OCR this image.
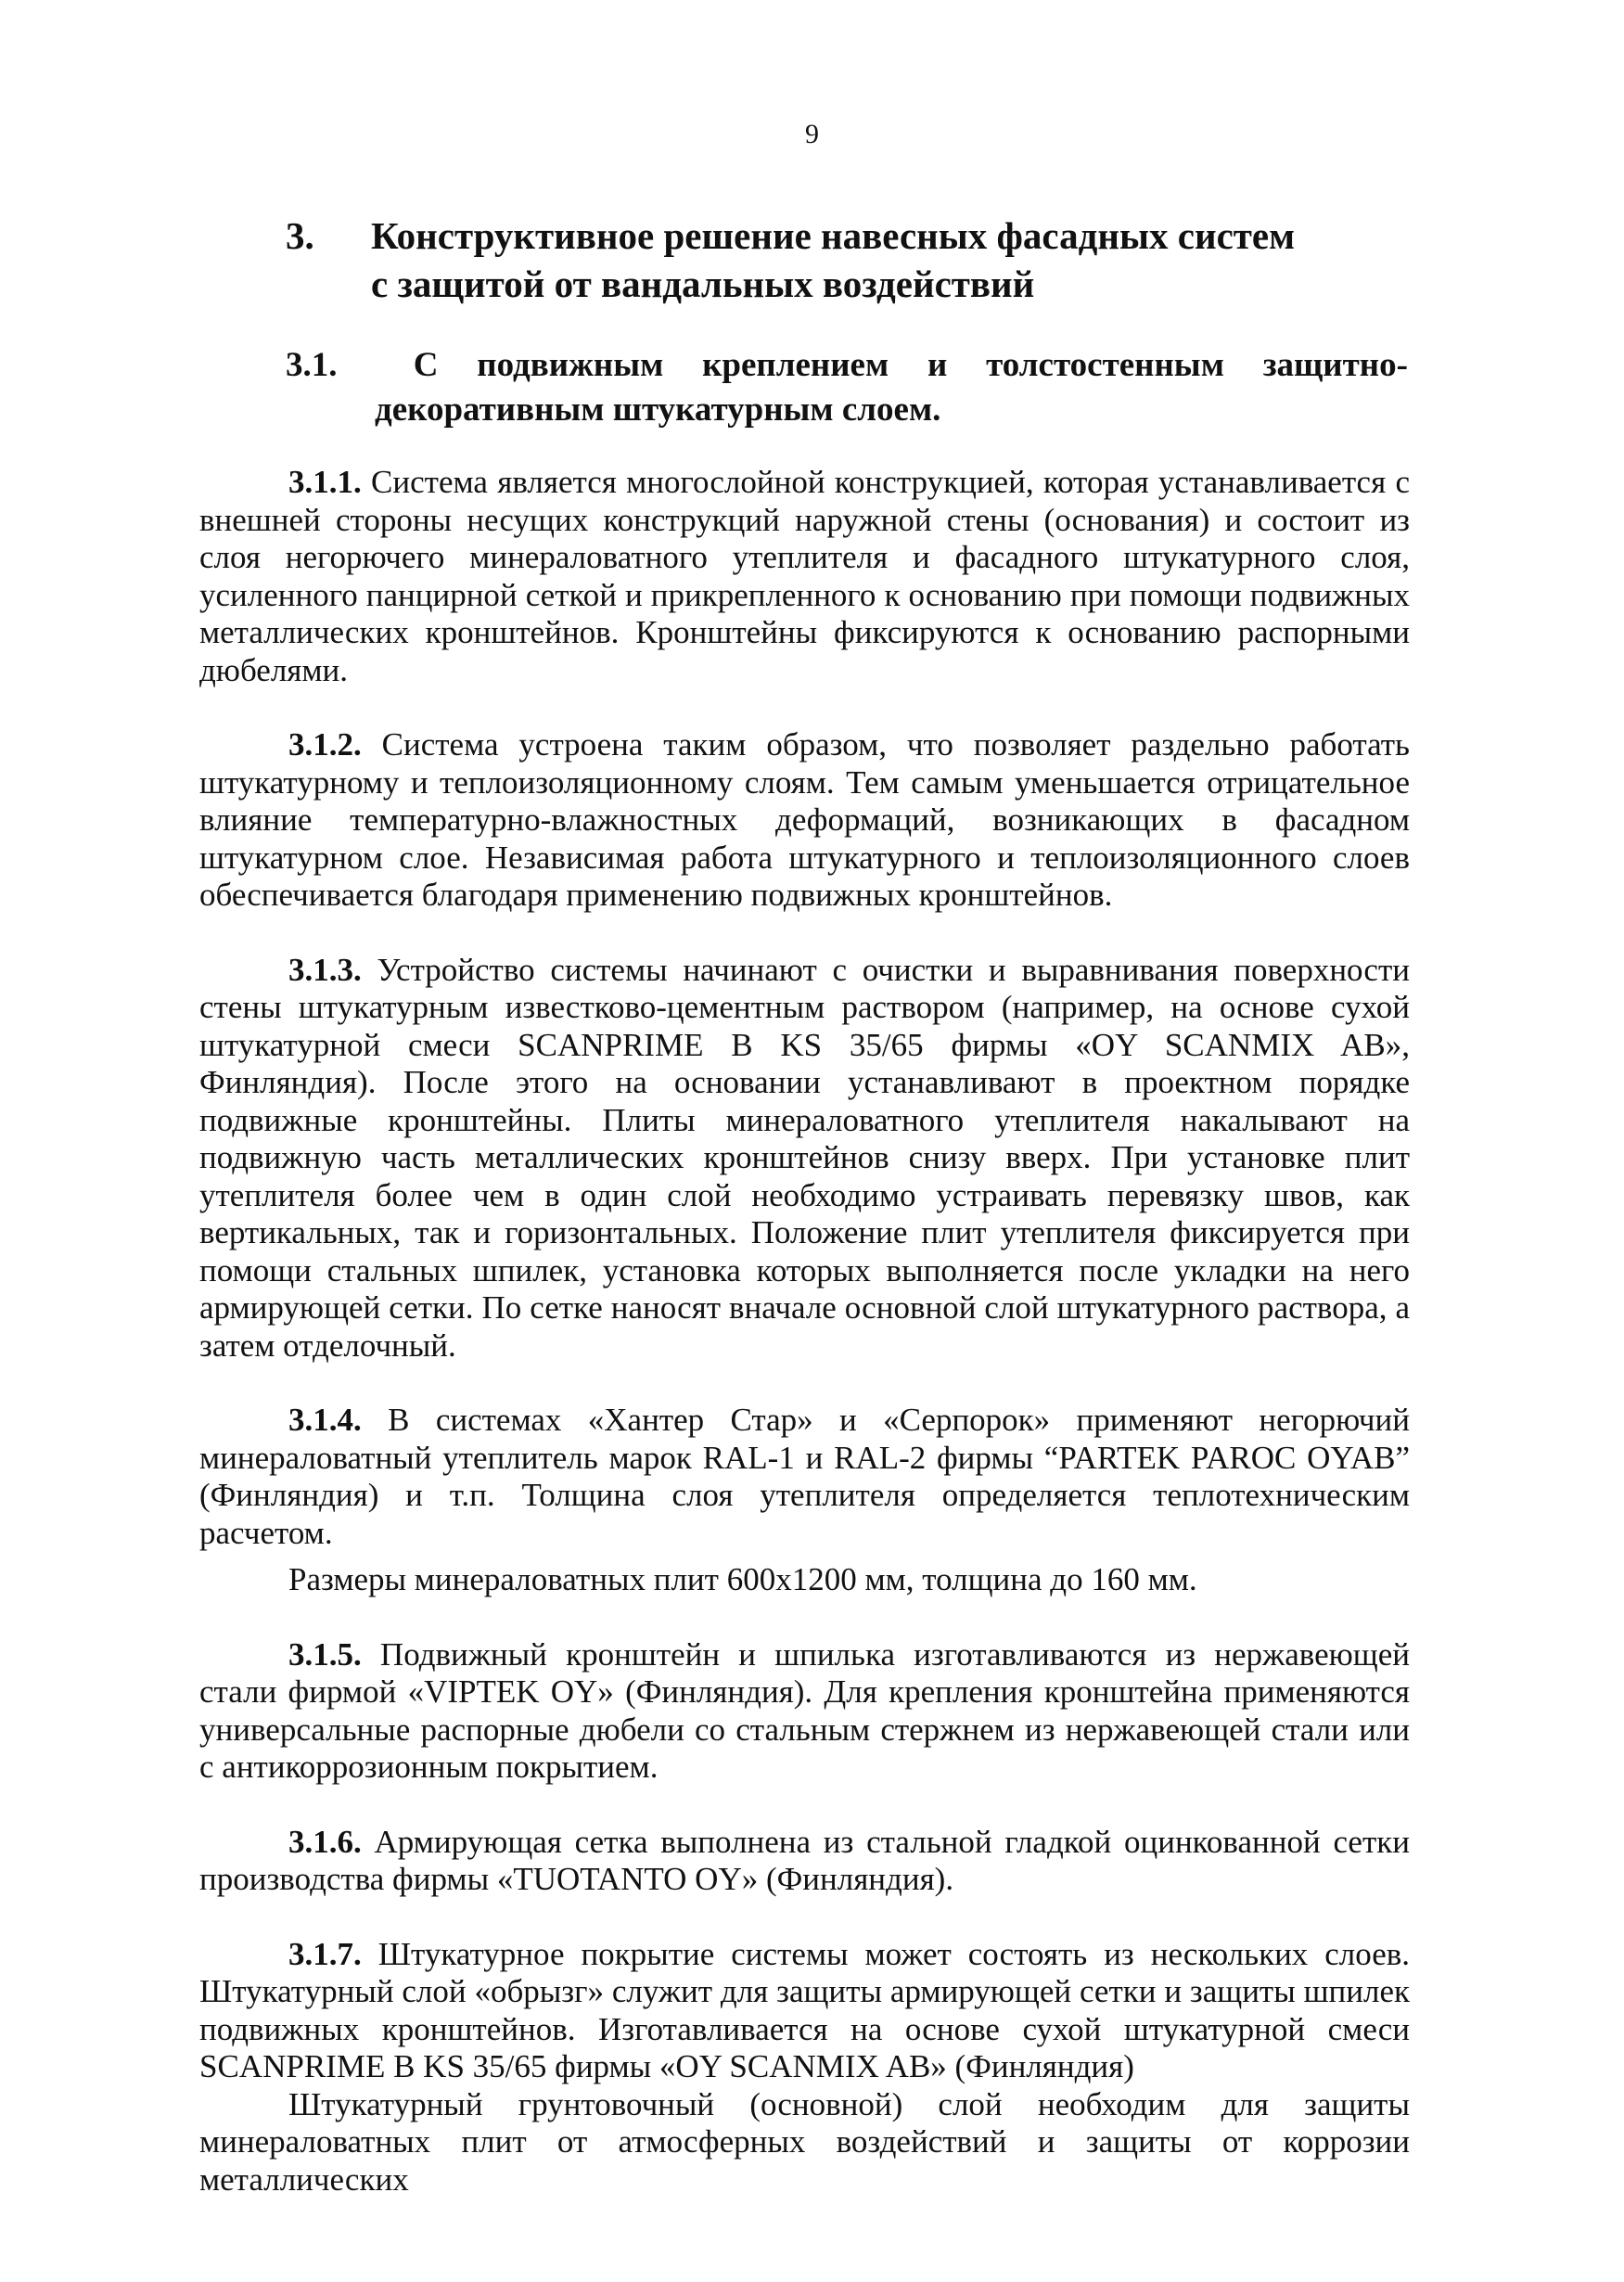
9
3. Конструктивное решение навесных фасадных систем
с защитой от вандальных воздействий
3.1.	С подвижным креплением и толстостенным защитно-
декоративным штукатурным слоем.

3.1.1. Система является многослойной конструкцией, которая устанавливается с внешней стороны несущих конструкций наружной стены (основания) и состоит из слоя негорючего минераловатного утеплителя и фасадного штукатурного слоя, усиленного панцирной сеткой и прикрепленного к основанию при помощи подвижных металлических кронштейнов. Кронштейны фиксируются к основанию распорными дюбелями.

3.1.2. Система устроена таким образом, что позволяет раздельно работать штукатурному и теплоизоляционному слоям. Тем самым уменьшается отрицательное влияние температурно-влажностных деформаций, возникающих в фасадном штукатурном слое. Независимая работа штукатурного и теплоизоляционного слоев обеспечивается благодаря применению подвижных кронштейнов.

3.1.3. Устройство системы начинают с очистки и выравнивания поверхности стены штукатурным известково-цементным раствором (например, на основе сухой штукатурной смеси SCANPRIME B KS 35/65 фирмы «OY SCANMIX AB», Финляндия). После этого на основании устанавливают в проектном порядке подвижные кронштейны. Плиты минераловатного утеплителя накалывают на подвижную часть металлических кронштейнов снизу вверх. При установке плит утеплителя более чем в один слой необходимо устраивать перевязку швов, как вертикальных, так и горизонтальных. Положение плит утеплителя фиксируется при помощи стальных шпилек, установка которых выполняется после укладки на него армирующей сетки. По сетке наносят вначале основной слой штукатурного раствора, а затем отделочный.

3.1.4. В системах «Хантер Стар» и «Серпорок» применяют негорючий минераловатный утеплитель марок RAL-1 и RAL-2 фирмы “PARTEK PAROC OYAB” (Финляндия) и т.п. Толщина слоя утеплителя определяется теплотехническим расчетом.

Размеры минераловатных плит 600x1200 мм, толщина до 160 мм.

3.1.5. Подвижный кронштейн и шпилька изготавливаются из нержавеющей стали фирмой «VIPTEK OY» (Финляндия). Для крепления кронштейна применяются универсальные распорные дюбели со стальным стержнем из нержавеющей стали или с антикоррозионным покрытием.

3.1.6. Армирующая сетка выполнена из стальной гладкой оцинкованной сетки производства фирмы «TUOTANTO OY» (Финляндия).

3.1.7. Штукатурное покрытие системы может состоять из нескольких слоев. Штукатурный слой «обрызг» служит для защиты армирующей сетки и защиты шпилек подвижных кронштейнов. Изготавливается на основе сухой штукатурной смеси SCANPRIME B KS 35/65 фирмы «OY SCANMIX AB» (Финляндия)

Штукатурный грунтовочный (основной) слой необходим для защиты минераловатных плит от атмосферных воздействий и защиты от коррозии металлических
